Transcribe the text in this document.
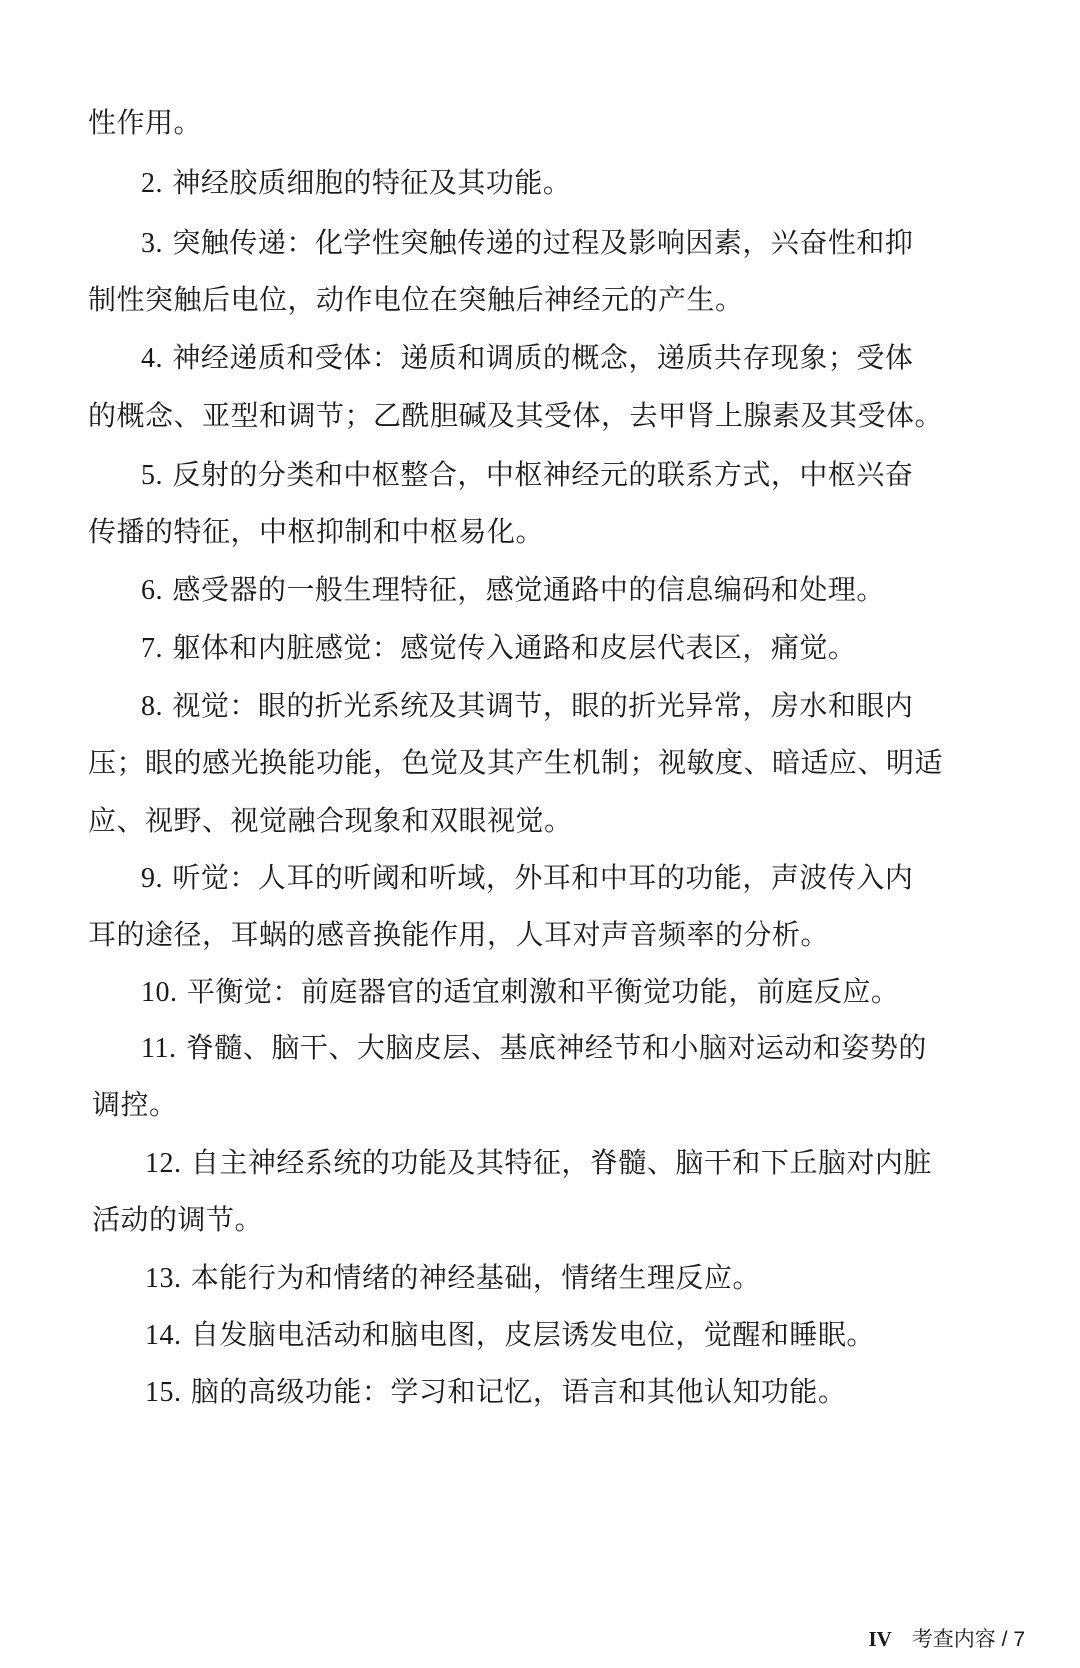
性作用。
2. 神经胶质细胞的特征及其功能。
3. 突触传递：化学性突触传递的过程及影响因素，兴奋性和抑
制性突触后电位，动作电位在突触后神经元的产生。
4. 神经递质和受体：递质和调质的概念，递质共存现象；受体
的概念、亚型和调节；乙酰胆碱及其受体，去甲肾上腺素及其受体。
5. 反射的分类和中枢整合，中枢神经元的联系方式，中枢兴奋
传播的特征，中枢抑制和中枢易化。
6. 感受器的一般生理特征，感觉通路中的信息编码和处理。
7. 躯体和内脏感觉：感觉传入通路和皮层代表区，痛觉。
8. 视觉：眼的折光系统及其调节，眼的折光异常，房水和眼内
压；眼的感光换能功能，色觉及其产生机制；视敏度、暗适应、明适
应、视野、视觉融合现象和双眼视觉。
9. 听觉：人耳的听阈和听域，外耳和中耳的功能，声波传入内
耳的途径，耳蜗的感音换能作用，人耳对声音频率的分析。
10. 平衡觉：前庭器官的适宜刺激和平衡觉功能，前庭反应。
11. 脊髓、脑干、大脑皮层、基底神经节和小脑对运动和姿势的
调控。
12. 自主神经系统的功能及其特征，脊髓、脑干和下丘脑对内脏
活动的调节。
13. 本能行为和情绪的神经基础，情绪生理反应。
14. 自发脑电活动和脑电图，皮层诱发电位，觉醒和睡眠。
15. 脑的高级功能：学习和记忆，语言和其他认知功能。
IV 考查内容 / 7
